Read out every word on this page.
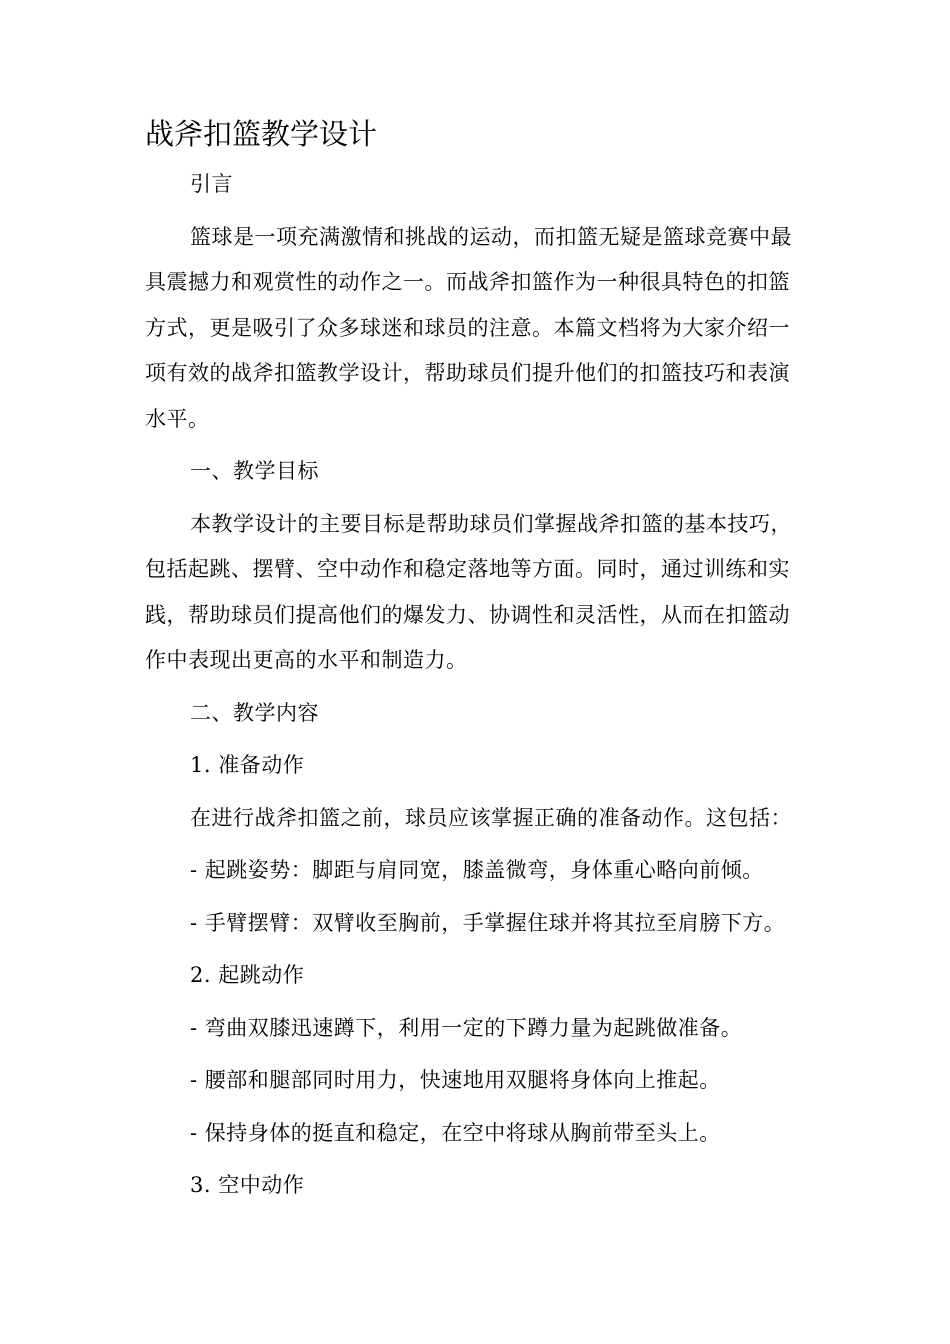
战斧扣篮教学设计

引言

篮球是一项充满激情和挑战的运动，而扣篮无疑是篮球竞赛中最具震撼力和观赏性的动作之一。而战斧扣篮作为一种很具特色的扣篮方式，更是吸引了众多球迷和球员的注意。本篇文档将为大家介绍一项有效的战斧扣篮教学设计，帮助球员们提升他们的扣篮技巧和表演水平。

一、教学目标

本教学设计的主要目标是帮助球员们掌握战斧扣篮的基本技巧，包括起跳、摆臂、空中动作和稳定落地等方面。同时，通过训练和实践，帮助球员们提高他们的爆发力、协调性和灵活性，从而在扣篮动作中表现出更高的水平和制造力。

二、教学内容

1. 准备动作

在进行战斧扣篮之前，球员应该掌握正确的准备动作。这包括：

- 起跳姿势：脚距与肩同宽，膝盖微弯，身体重心略向前倾。

- 手臂摆臂：双臂收至胸前，手掌握住球并将其拉至肩膀下方。

2. 起跳动作

- 弯曲双膝迅速蹲下，利用一定的下蹲力量为起跳做准备。

- 腰部和腿部同时用力，快速地用双腿将身体向上推起。

- 保持身体的挺直和稳定，在空中将球从胸前带至头上。

3. 空中动作
